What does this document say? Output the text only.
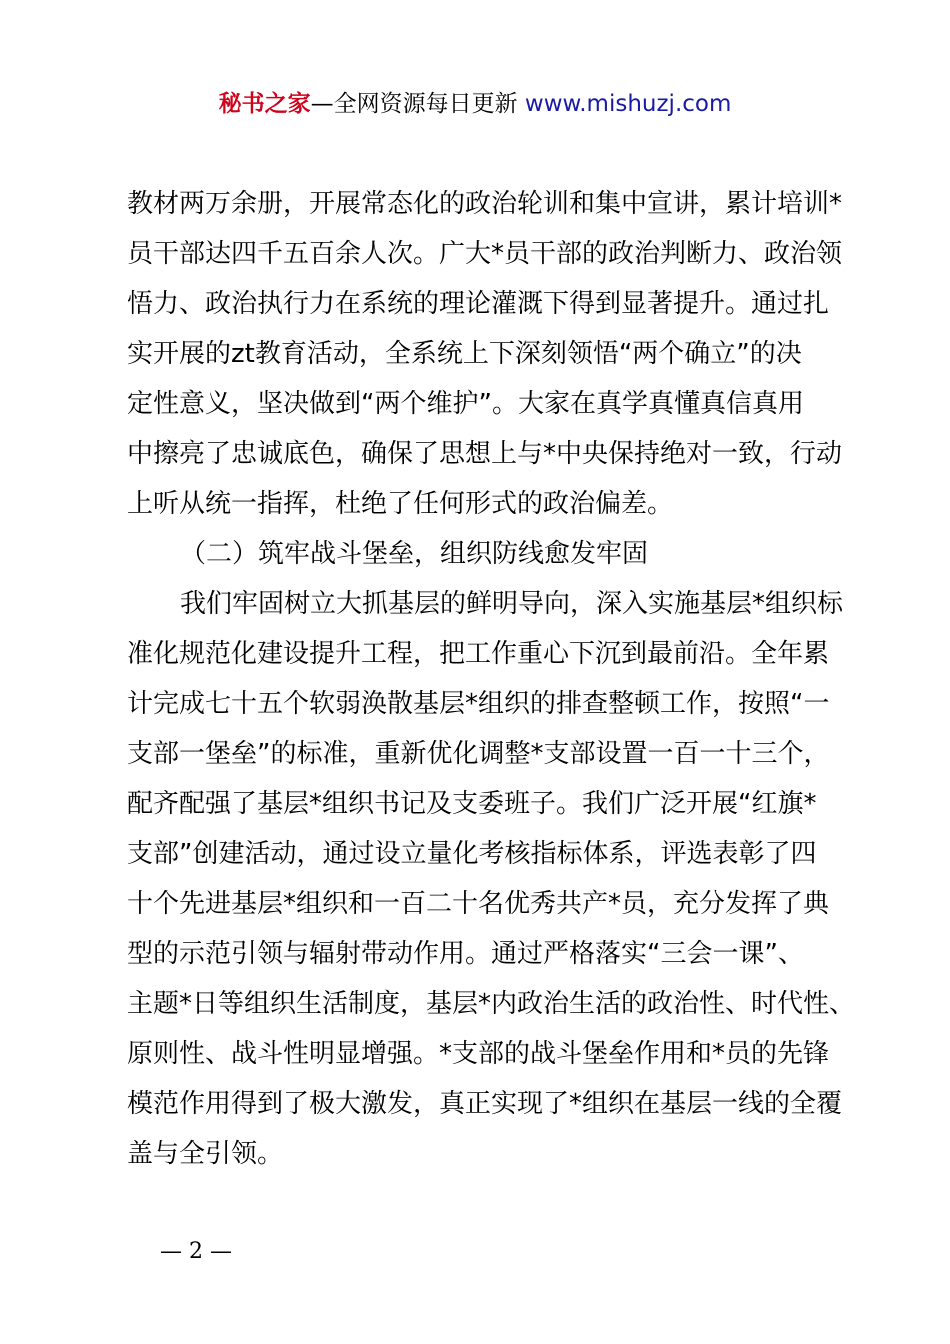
秘书之家—全网资源每日更新 www.mishuzj.com
教材两万余册，开展常态化的政治轮训和集中宣讲，累计培训*
员干部达四千五百余人次。广大*员干部的政治判断力、政治领
悟力、政治执行力在系统的理论灌溉下得到显著提升。通过扎
实开展的zt教育活动，全系统上下深刻领悟“两个确立”的决
定性意义，坚决做到“两个维护”。大家在真学真懂真信真用
中擦亮了忠诚底色，确保了思想上与*中央保持绝对一致，行动
上听从统一指挥，杜绝了任何形式的政治偏差。
（二）筑牢战斗堡垒，组织防线愈发牢固
我们牢固树立大抓基层的鲜明导向，深入实施基层*组织标
准化规范化建设提升工程，把工作重心下沉到最前沿。全年累
计完成七十五个软弱涣散基层*组织的排查整顿工作，按照“一
支部一堡垒”的标准，重新优化调整*支部设置一百一十三个，
配齐配强了基层*组织书记及支委班子。我们广泛开展“红旗*
支部”创建活动，通过设立量化考核指标体系，评选表彰了四
十个先进基层*组织和一百二十名优秀共产*员，充分发挥了典
型的示范引领与辐射带动作用。通过严格落实“三会一课”、
主题*日等组织生活制度，基层*内政治生活的政治性、时代性、
原则性、战斗性明显增强。*支部的战斗堡垒作用和*员的先锋
模范作用得到了极大激发，真正实现了*组织在基层一线的全覆
盖与全引领。
— 2 —
